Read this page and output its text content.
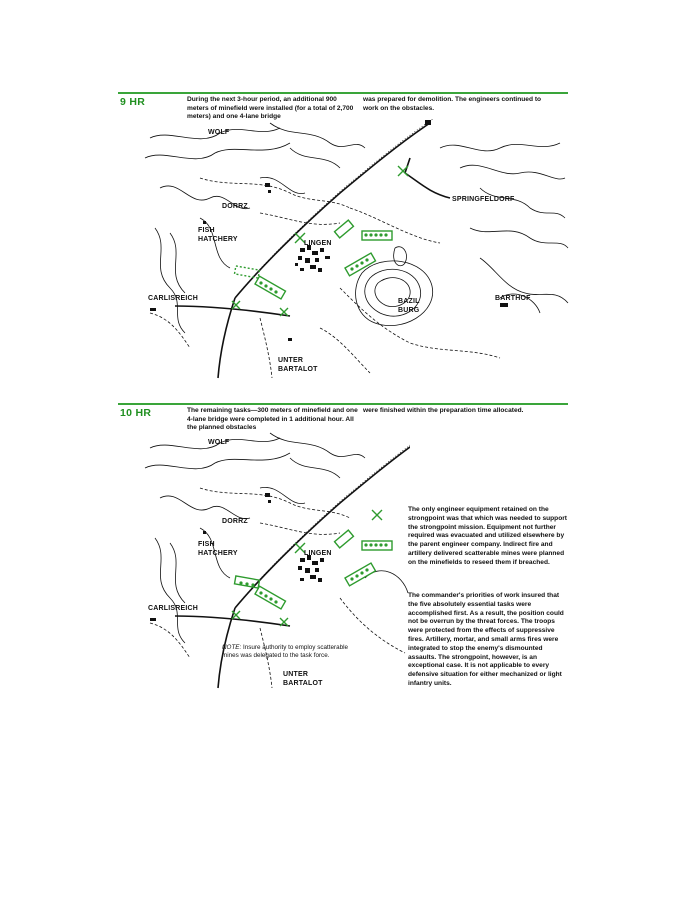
9 HR	During the next 3-hour period, an additional 900 meters of minefield were installed (for a total of 2,700 meters) and one 4-lane bridge
was prepared for demolition. The engineers continued to work on the obstacles.
WOLF
DORRZ
SPRINGFELDORF
FISH
HATCHERY
LINGEN
CARLISREICH	BAZIL
BURG
BARTHOF
UNTER
BARTALOT
10 HR	The remaining tasks—300 meters of minefield and one 4-lane bridge were completed in 1 additional hour. All the planned obstacles
were finished within the preparation time allocated.
WOLF
DORRZ
FISH
HATCHERY	LINGEN
CARLISREICH
UNTER
BARTALOT
NOTE: Insure authority to employ scatterable mines was delegated to the task force.
The only engineer equipment retained on the strongpoint was that which was needed to support the strongpoint mission. Equipment not further required was evacuated and utilized elsewhere by the parent engineer company. Indirect fire and artillery delivered scatterable mines were planned on the minefields to reseed them if breached.
The commander's priorities of work insured that the five absolutely essential tasks were accomplished first. As a result, the position could not be overrun by the threat forces. The troops were protected from the effects of suppressive fires. Artillery, mortar, and small arms fires were integrated to stop the enemy's dismounted assaults. The strongpoint, however, is an exceptional case. It is not applicable to every defensive situation for either mechanized or light infantry units.
